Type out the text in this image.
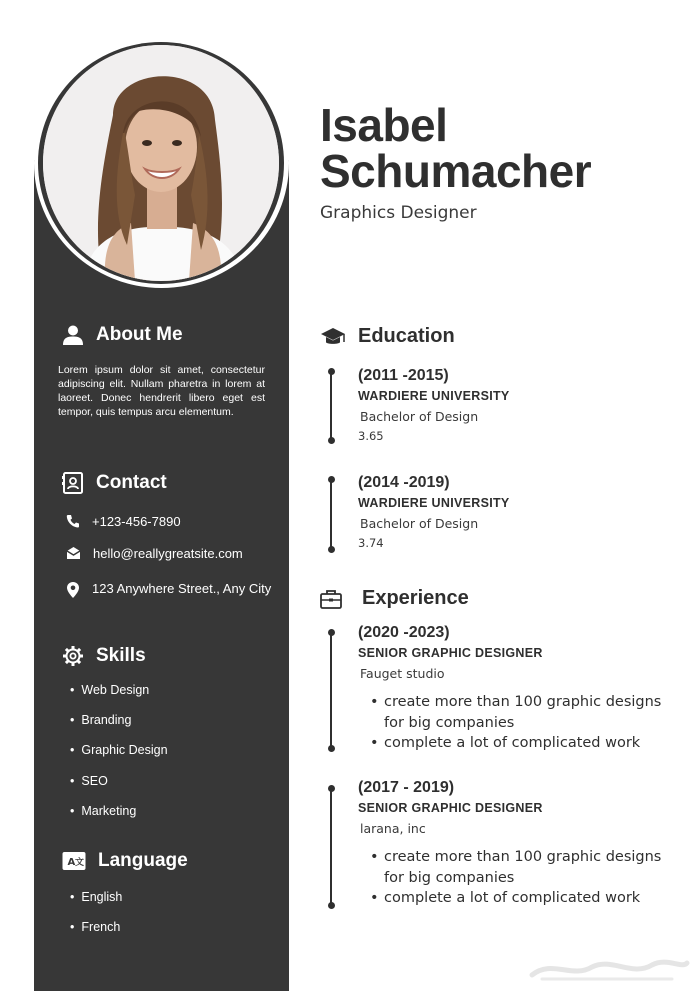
Isabel
Schumacher
Graphics Designer
About Me

Lorem ipsum dolor sit amet, consectetur adipiscing elit. Nullam pharetra in lorem at laoreet. Donec hendrerit libero eget est tempor, quis tempus arcu elementum.

Contact
+123-456-7890
hello@reallygreatsite.com
123 Anywhere Street., Any City
Skills
• Web Design
• Branding
• Graphic Design
• SEO
• Marketing
A 文 Language
• English
• French
Education
(2011 -2015)
WARDIERE UNIVERSITY
Bachelor of Design
3.65
(2014 -2019)
WARDIERE UNIVERSITY
Bachelor of Design
3.74
Experience
(2020 -2023)
SENIOR GRAPHIC DESIGNER
Fauget studio
• create more than 100 graphic designs for big companies
• complete a lot of complicated work
(2017 - 2019)
SENIOR GRAPHIC DESIGNER
larana, inc
• create more than 100 graphic designs for big companies
• complete a lot of complicated work
